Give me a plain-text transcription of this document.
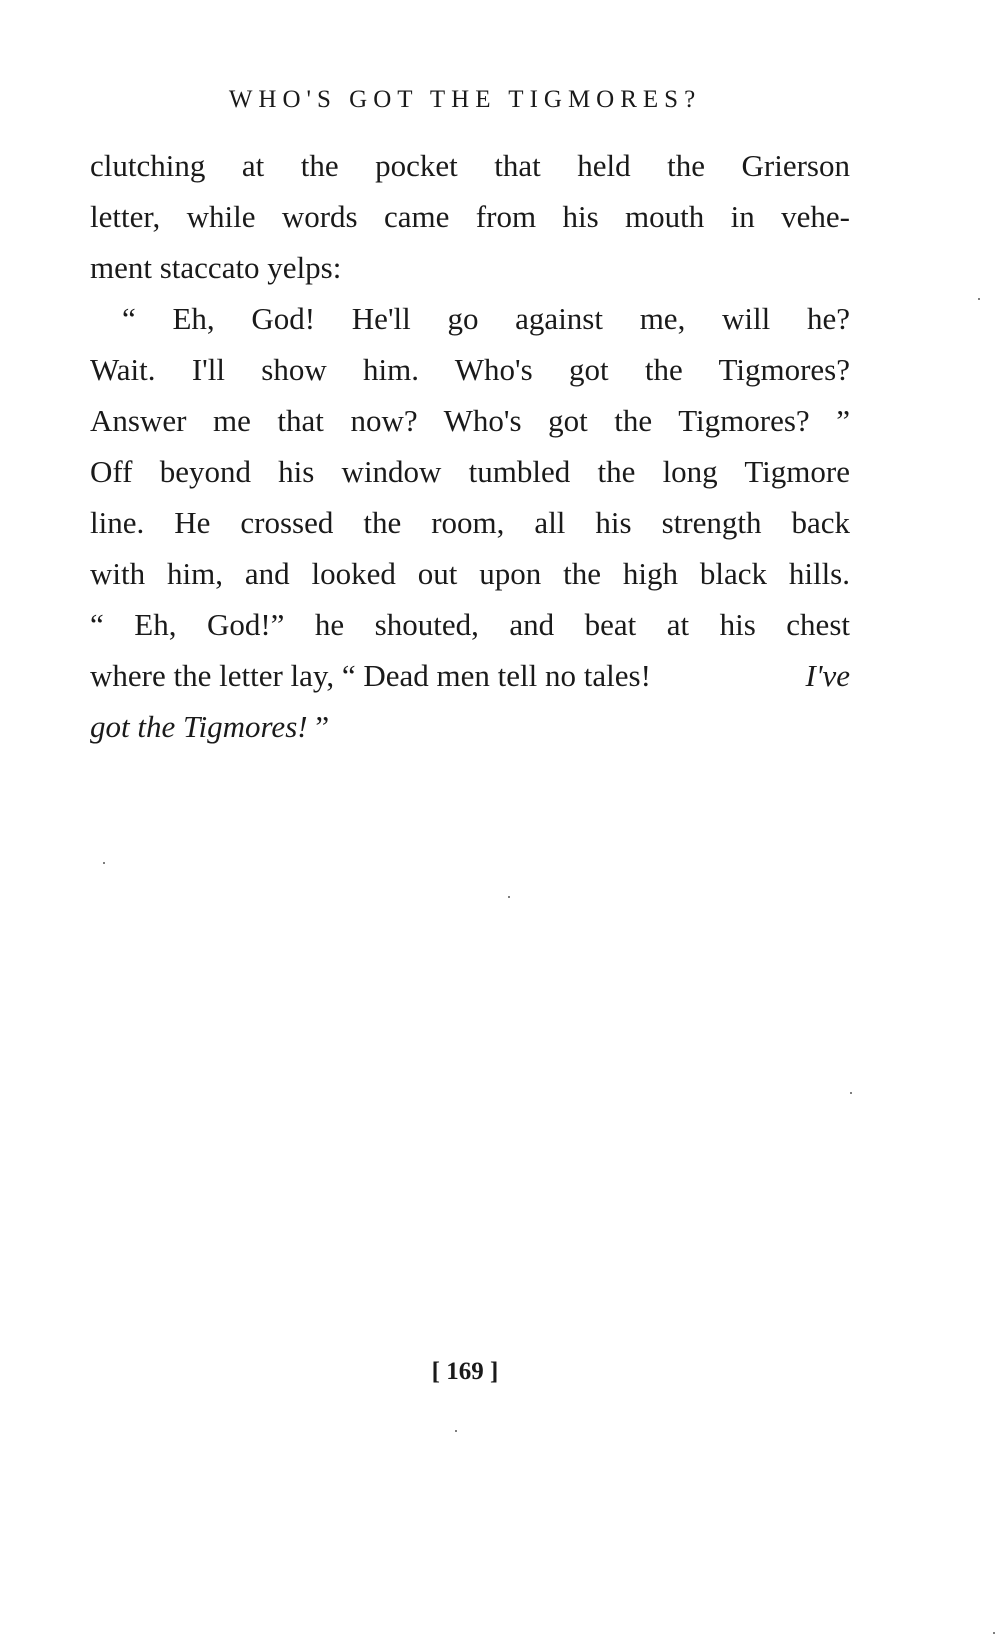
WHO'S GOT THE TIGMORES?
clutching at the pocket that held the Grierson
letter, while words came from his mouth in vehe-
ment staccato yelps:
“ Eh, God! He'll go against me, will he?
Wait. I'll show him. Who's got the Tigmores?
Answer me that now? Who's got the Tigmores? ”
Off beyond his window tumbled the long Tigmore
line. He crossed the room, all his strength back
with him, and looked out upon the high black hills.
“ Eh, God!” he shouted, and beat at his chest
where the letter lay, “ Dead men tell no tales!	I've
got the Tigmores! ”
[ 169 ]
